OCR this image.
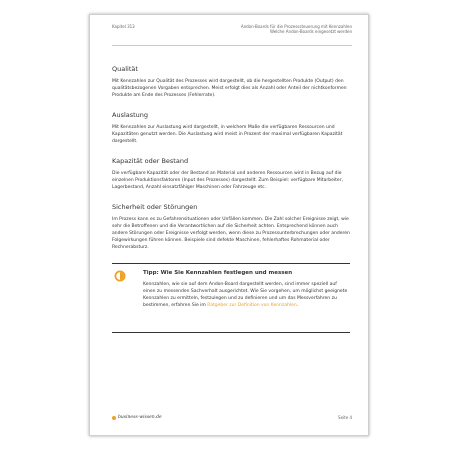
Kapitel 313	Andon-Boards für die Prozesssteuerung mit Kennzahlen
Welche Andon-Boards eingesetzt werden
Qualität

Mit Kennzahlen zur Qualität des Prozesses wird dargestellt, ob die hergestellten Produkte (Output) den qualitätsbezogenen Vorgaben entsprechen. Meist erfolgt dies als Anzahl oder Anteil der nichtkonformen Produkte am Ende des Prozesses (Fehlerrate).

Auslastung

Mit Kennzahlen zur Auslastung wird dargestellt, in welchem Maße die verfügbaren Ressourcen und Kapazitäten genutzt werden. Die Auslastung wird meist in Prozent der maximal verfügbaren Kapazität dargestellt.

Kapazität oder Bestand

Die verfügbare Kapazität oder der Bestand an Material und anderen Ressourcen wird in Bezug auf die einzelnen Produktionsfaktoren (Input des Prozesses) dargestellt. Zum Beispiel: verfügbare Mitarbeiter, Lagerbestand, Anzahl einsatzfähiger Maschinen oder Fahrzeuge etc.

Sicherheit oder Störungen

Im Prozess kann es zu Gefahrensituationen oder Unfällen kommen. Die Zahl solcher Ereignisse zeigt, wie sehr die Betroffenen und die Verantwortlichen auf die Sicherheit achten. Entsprechend können auch andere Störungen oder Ereignisse verfolgt werden, wenn diese zu Prozessunterbrechungen oder anderen Folgewirkungen führen können. Beispiele sind defekte Maschinen, fehlerhaftes Rohmaterial oder Rechnerabsturz.

Tipp: Wie Sie Kennzahlen festlegen und messen

Kennzahlen, wie sie auf dem Andon-Board dargestellt werden, sind immer speziell auf einen zu messenden Sachverhalt ausgerichtet. Wie Sie vorgehen, um möglichst geeignete Kennzahlen zu ermitteln, festzulegen und zu definieren und um das Messverfahren zu bestimmen, erfahren Sie im Ratgeber zur Definition von Kennzahlen.

business-wissen.de	Seite 4
